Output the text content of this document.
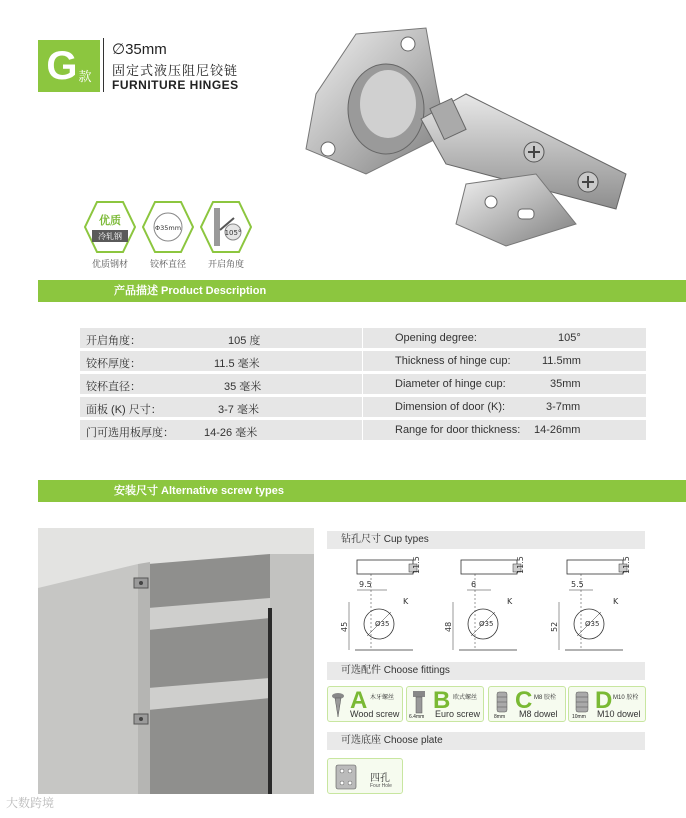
G 款
∅35mm
固定式液压阻尼铰链
FURNITURE HINGES
优质
冷轧钢
优质钢材
Φ35mm
铰杯直径
105°
开启角度
产品描述 Product Description
开启角度：	105 度	Opening degree:	105°
铰杯厚度：	11.5 毫米	Thickness of hinge cup:	11.5mm
铰杯直径：	35 毫米	Diameter of hinge cup:	35mm
面板 (K) 尺寸：	3-7 毫米	Dimension of door (K):	3-7mm
门可选用板厚度：	14-26 毫米	Range for door thickness: 14-26mm
安装尺寸 Alternative screw types
钻孔尺寸 Cup types
11.5
9.5
45	Ø35
K
11.5
6
48	Ø35
K
11.5
5.5
52	Ø35
K
可选配件 Choose fittings
A 木牙螺丝
Wood screw 6.4mm
B 欧式螺丝
Euro screw	8mm
C M8 胶栓
M8 dowel	10mm
D M10 胶栓
M10 dowel
可选底座 Choose plate
四孔
Four Hole
大数跨境
